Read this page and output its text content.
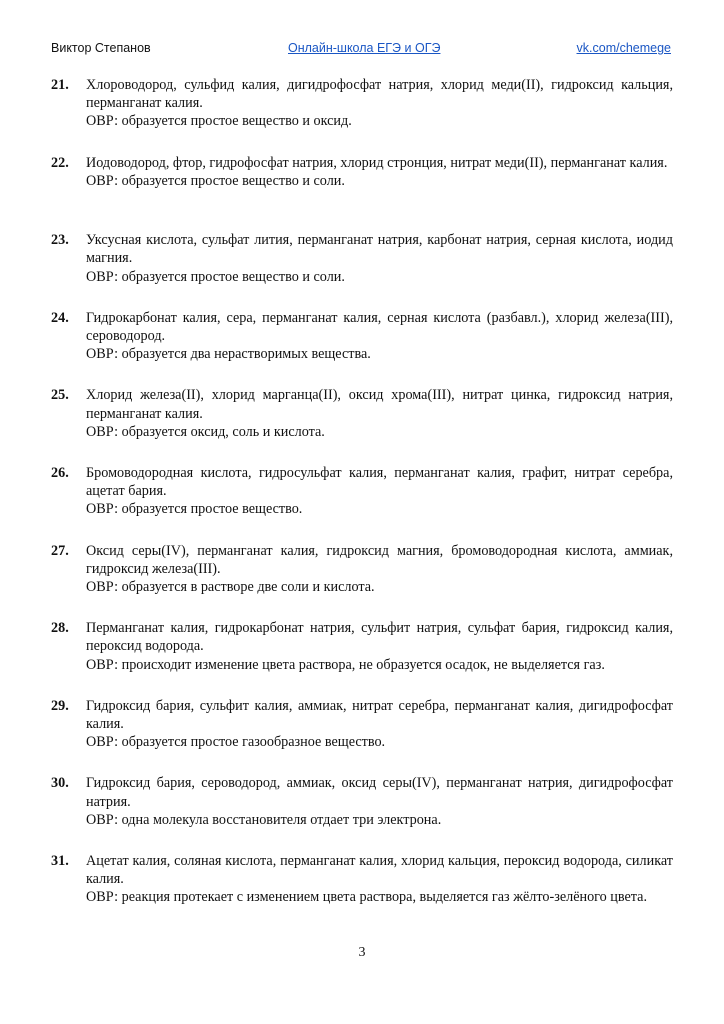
Виктор Степанов	Онлайн-школа ЕГЭ и ОГЭ	vk.com/chemege
21. Хлороводород, сульфид калия, дигидрофосфат натрия, хлорид меди(II), гидроксид кальция, перманганат калия.
ОВР: образуется простое вещество и оксид.
22. Иодоводород, фтор, гидрофосфат натрия, хлорид стронция, нитрат меди(II), перманганат калия.
ОВР: образуется простое вещество и соли.
23. Уксусная кислота, сульфат лития, перманганат натрия, карбонат натрия, серная кислота, иодид магния.
ОВР: образуется простое вещество и соли.
24. Гидрокарбонат калия, сера, перманганат калия, серная кислота (разбавл.), хлорид железа(III), сероводород.
ОВР: образуется два нерастворимых вещества.
25. Хлорид железа(II), хлорид марганца(II), оксид хрома(III), нитрат цинка, гидроксид натрия, перманганат калия.
ОВР: образуется оксид, соль и кислота.
26. Бромоводородная кислота, гидросульфат калия, перманганат калия, графит, нитрат серебра, ацетат бария.
ОВР: образуется простое вещество.
27. Оксид серы(IV), перманганат калия, гидроксид магния, бромоводородная кислота, аммиак, гидроксид железа(III).
ОВР: образуется в растворе две соли и кислота.
28. Перманганат калия, гидрокарбонат натрия, сульфит натрия, сульфат бария, гидроксид калия, пероксид водорода.
ОВР: происходит изменение цвета раствора, не образуется осадок, не выделяется газ.
29. Гидроксид бария, сульфит калия, аммиак, нитрат серебра, перманганат калия, дигидрофосфат калия.
ОВР: образуется простое газообразное вещество.
30. Гидроксид бария, сероводород, аммиак, оксид серы(IV), перманганат натрия, дигидрофосфат натрия.
ОВР: одна молекула восстановителя отдает три электрона.
31. Ацетат калия, соляная кислота, перманганат калия, хлорид кальция, пероксид водорода, силикат калия.
ОВР: реакция протекает с изменением цвета раствора, выделяется газ жёлто-зелёного цвета.
3
